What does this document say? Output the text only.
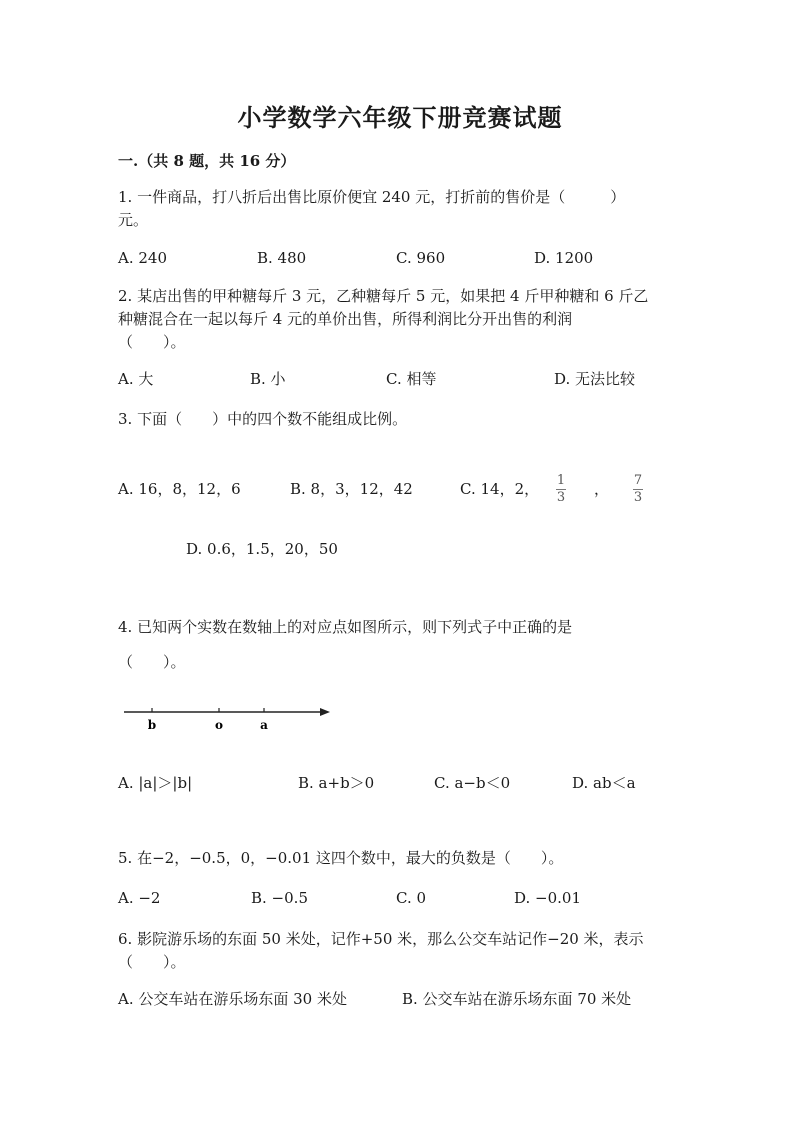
小学数学六年级下册竞赛试题
一.（共 8 题，共 16 分）
1. 一件商品，打八折后出售比原价便宜 240 元，打折前的售价是（　　　）
元。
A. 240	B. 480	C. 960	D. 1200
2. 某店出售的甲种糖每斤 3 元，乙种糖每斤 5 元，如果把 4 斤甲种糖和 6 斤乙
种糖混合在一起以每斤 4 元的单价出售，所得利润比分开出售的利润
（　　）。
A. 大	B. 小	C. 相等	D. 无法比较
3. 下面（　　）中的四个数不能组成比例。
A. 16，8，12，6	B. 8，3，12，42	C. 14，2， 1
3 ， 7
3
D. 0.6，1.5，20，50
4. 已知两个实数在数轴上的对应点如图所示，则下列式子中正确的是
（　　）。
b	o	a
A. |a|＞|b|	B. a+b＞0	C. a−b＜0	D. ab＜a
5. 在−2，−0.5，0，−0.01 这四个数中，最大的负数是（　　）。
A. −2	B. −0.5	C. 0	D. −0.01
6. 影院游乐场的东面 50 米处，记作+50 米，那么公交车站记作−20 米，表示
（　　）。
A. 公交车站在游乐场东面 30 米处	B. 公交车站在游乐场东面 70 米处
